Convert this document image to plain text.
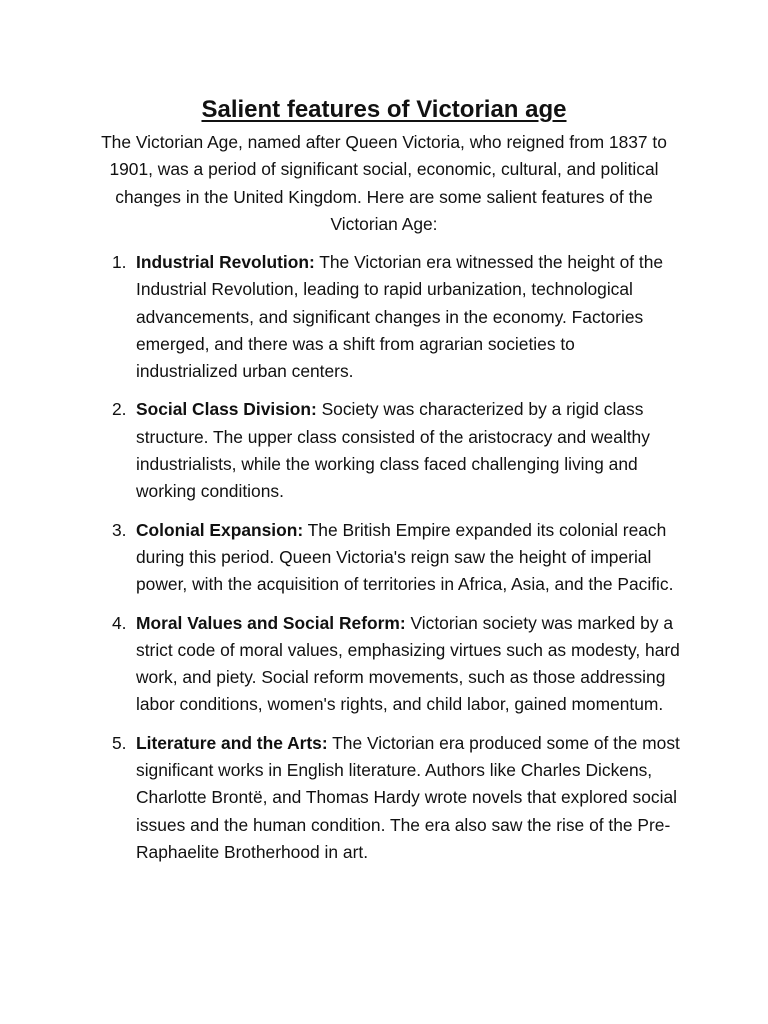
Salient features of Victorian age

The Victorian Age, named after Queen Victoria, who reigned from 1837 to 1901, was a period of significant social, economic, cultural, and political changes in the United Kingdom. Here are some salient features of the Victorian Age:

1. Industrial Revolution: The Victorian era witnessed the height of the Industrial Revolution, leading to rapid urbanization, technological advancements, and significant changes in the economy. Factories emerged, and there was a shift from agrarian societies to industrialized urban centers.
2. Social Class Division: Society was characterized by a rigid class structure. The upper class consisted of the aristocracy and wealthy industrialists, while the working class faced challenging living and working conditions.
3. Colonial Expansion: The British Empire expanded its colonial reach during this period. Queen Victoria's reign saw the height of imperial power, with the acquisition of territories in Africa, Asia, and the Pacific.
4. Moral Values and Social Reform: Victorian society was marked by a strict code of moral values, emphasizing virtues such as modesty, hard work, and piety. Social reform movements, such as those addressing labor conditions, women's rights, and child labor, gained momentum.
5. Literature and the Arts: The Victorian era produced some of the most significant works in English literature. Authors like Charles Dickens, Charlotte Brontë, and Thomas Hardy wrote novels that explored social issues and the human condition. The era also saw the rise of the Pre-Raphaelite Brotherhood in art.
